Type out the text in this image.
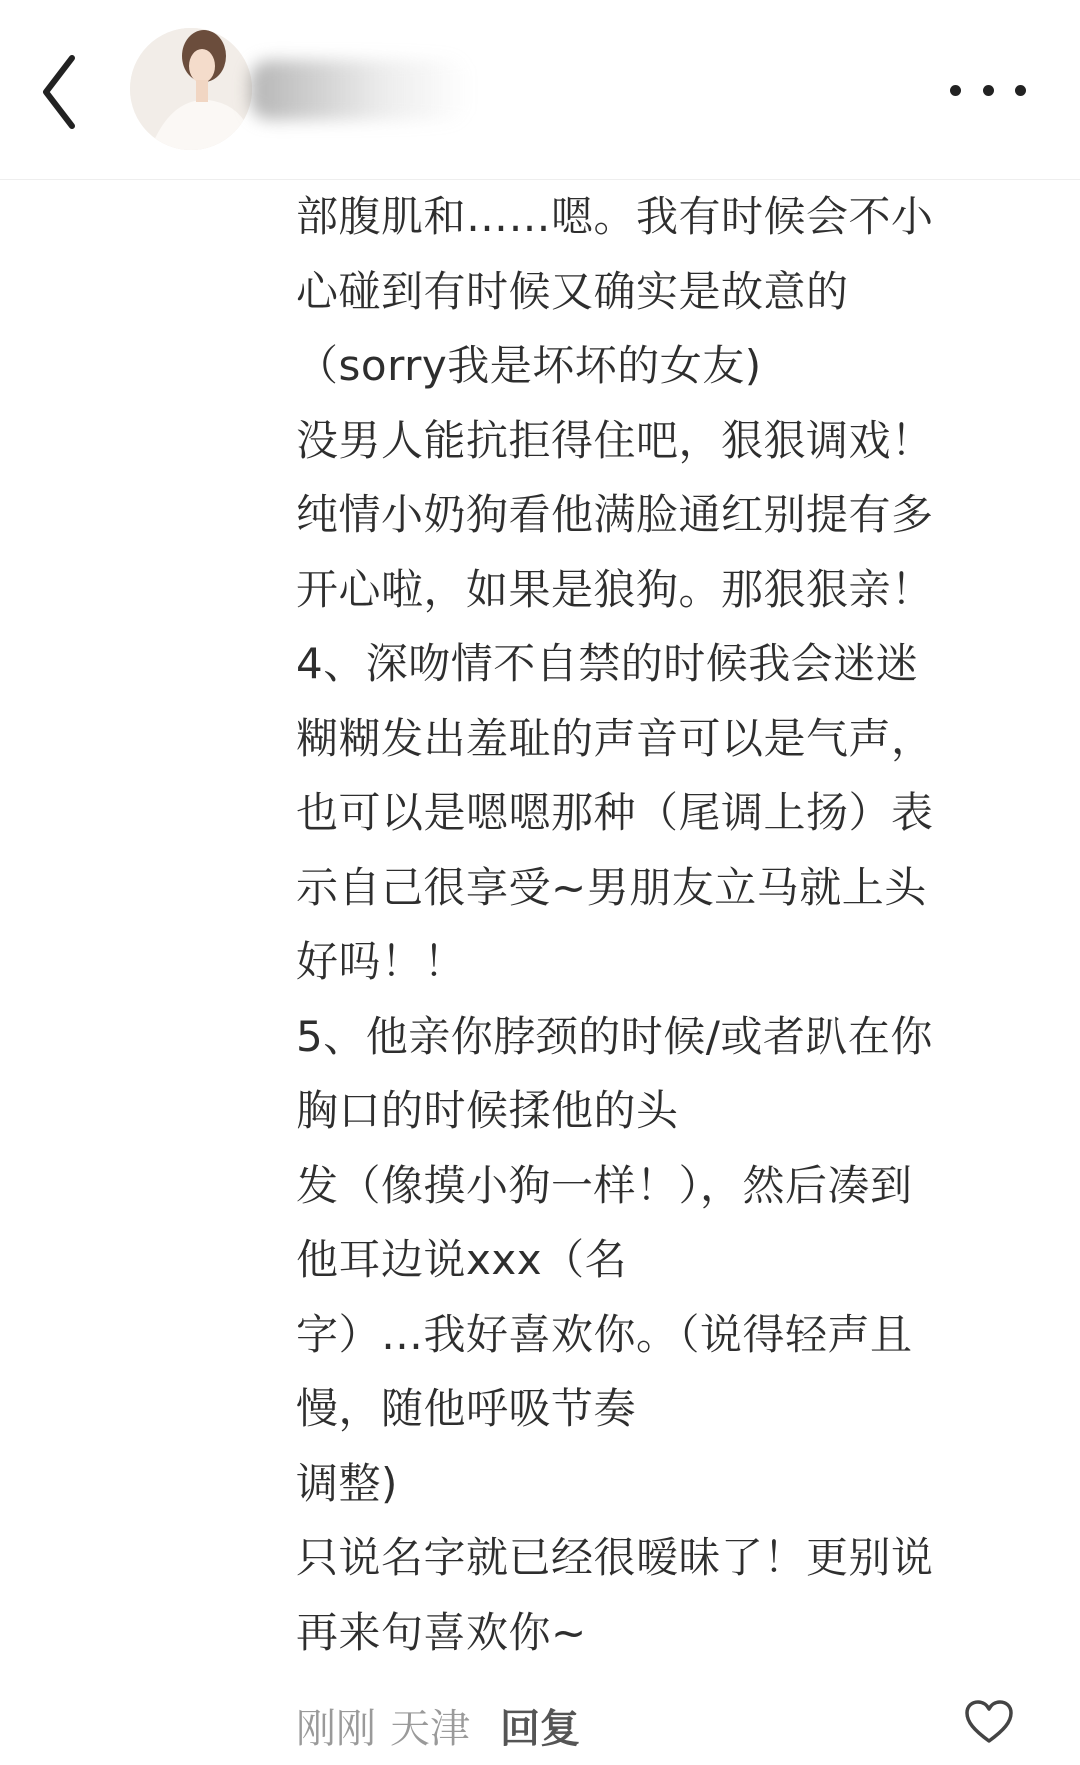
部腹肌和……嗯。我有时候会不小
心碰到有时候又确实是故意的
（sorry我是坏坏的女友)
没男人能抗拒得住吧，狠狠调戏！
纯情小奶狗看他满脸通红别提有多
开心啦，如果是狼狗。那狠狠亲！
4、深吻情不自禁的时候我会迷迷
糊糊发出羞耻的声音可以是气声，
也可以是嗯嗯那种（尾调上扬）表
示自己很享受~男朋友立马就上头
好吗！！
5、他亲你脖颈的时候/或者趴在你
胸口的时候揉他的头
发（像摸小狗一样！），然后凑到
他耳边说xxx（名
字）…我好喜欢你。（说得轻声且
慢，随他呼吸节奏
调整)
只说名字就已经很暧昧了！更别说
再来句喜欢你~
刚刚 天津 回复
